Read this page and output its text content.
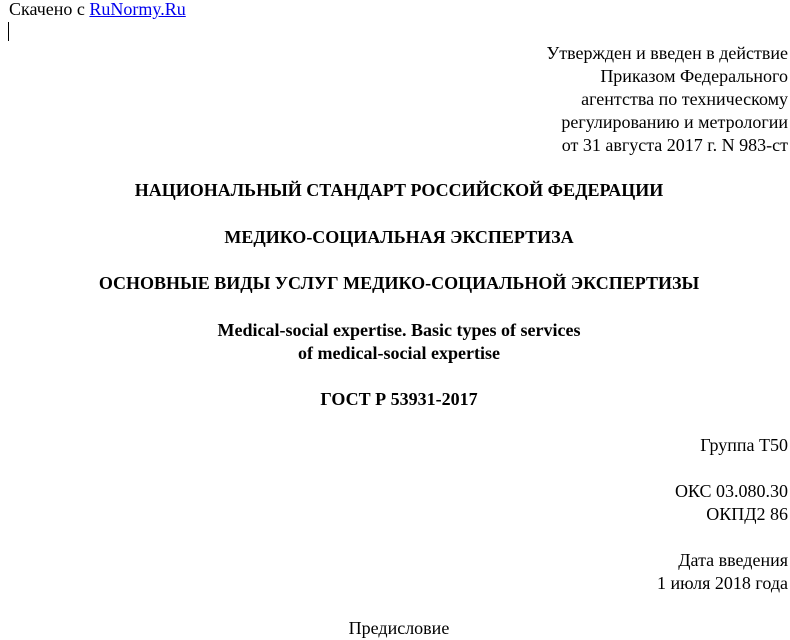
Скачено с RuNormy.Ru
Утвержден и введен в действие
Приказом Федерального
агентства по техническому
регулированию и метрологии
от 31 августа 2017 г. N 983-ст
НАЦИОНАЛЬНЫЙ СТАНДАРТ РОССИЙСКОЙ ФЕДЕРАЦИИ
МЕДИКО-СОЦИАЛЬНАЯ ЭКСПЕРТИЗА
ОСНОВНЫЕ ВИДЫ УСЛУГ МЕДИКО-СОЦИАЛЬНОЙ ЭКСПЕРТИЗЫ
Medical-social expertise. Basic types of services
of medical-social expertise
ГОСТ Р 53931-2017
Группа T50
ОКС 03.080.30
ОКПД2 86
Дата введения
1 июля 2018 года
Предисловие
